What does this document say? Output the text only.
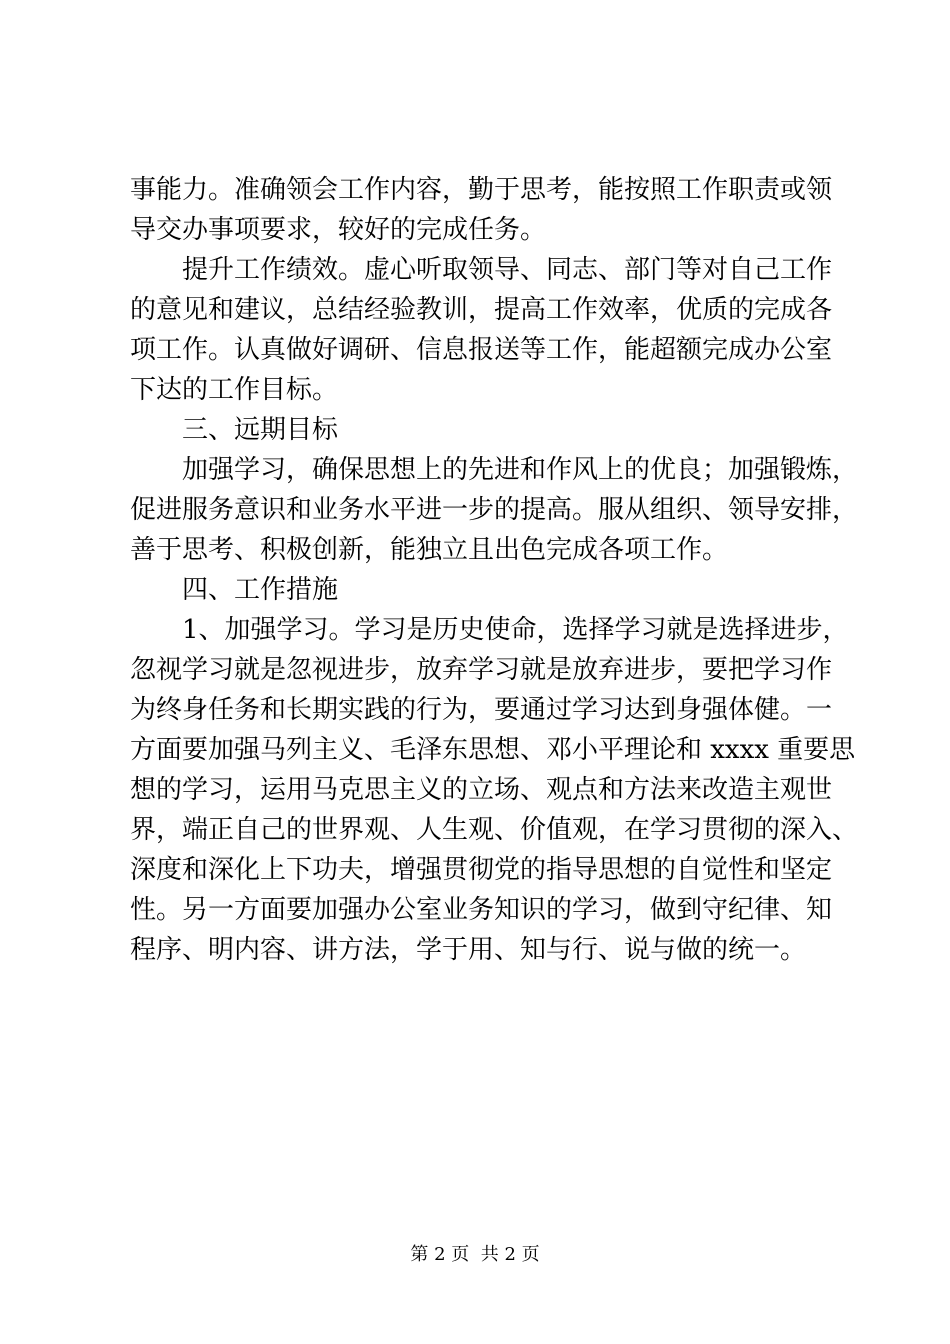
事能力。准确领会工作内容，勤于思考，能按照工作职责或领
导交办事项要求，较好的完成任务。
提升工作绩效。虚心听取领导、同志、部门等对自己工作
的意见和建议，总结经验教训，提高工作效率，优质的完成各
项工作。认真做好调研、信息报送等工作，能超额完成办公室
下达的工作目标。
三、远期目标
加强学习，确保思想上的先进和作风上的优良；加强锻炼，
促进服务意识和业务水平进一步的提高。服从组织、领导安排，
善于思考、积极创新，能独立且出色完成各项工作。
四、工作措施
1、加强学习。学习是历史使命，选择学习就是选择进步，
忽视学习就是忽视进步，放弃学习就是放弃进步，要把学习作
为终身任务和长期实践的行为，要通过学习达到身强体健。一
方面要加强马列主义、毛泽东思想、邓小平理论和 xxxx 重要思
想的学习，运用马克思主义的立场、观点和方法来改造主观世
界，端正自己的世界观、人生观、价值观，在学习贯彻的深入、
深度和深化上下功夫，增强贯彻党的指导思想的自觉性和坚定
性。另一方面要加强办公室业务知识的学习，做到守纪律、知
程序、明内容、讲方法，学于用、知与行、说与做的统一。
第 2 页 共 2 页
